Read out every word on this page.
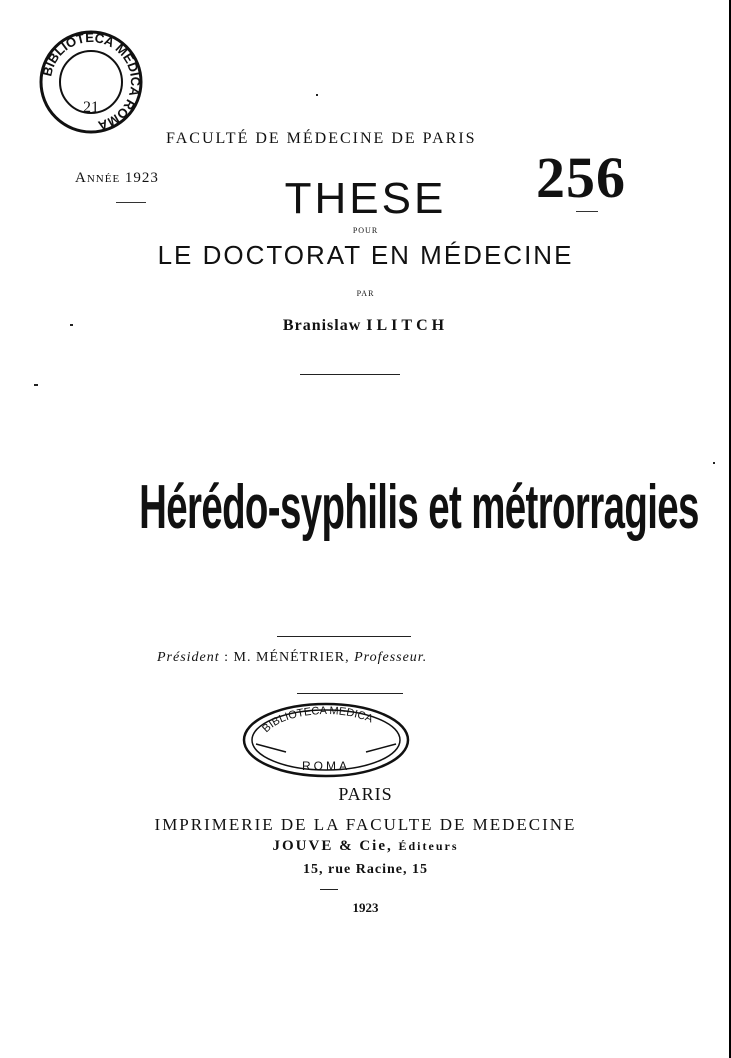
BIBLIOTECA MEDICA ROMA
21

FACULTÉ DE MÉDECINE DE PARIS

Année 1923	256

THESE

POUR

LE DOCTORAT EN MÉDECINE

PAR

Branislaw ILITCH

Hérédo-syphilis et métrorragies

Président : M. MÉNÉTRIER, Professeur.

BIBLIOTECA MEDICA
ROMA

PARIS

IMPRIMERIE DE LA FACULTE DE MEDECINE

JOUVE & Cie, Éditeurs

15, rue Racine, 15

1923
